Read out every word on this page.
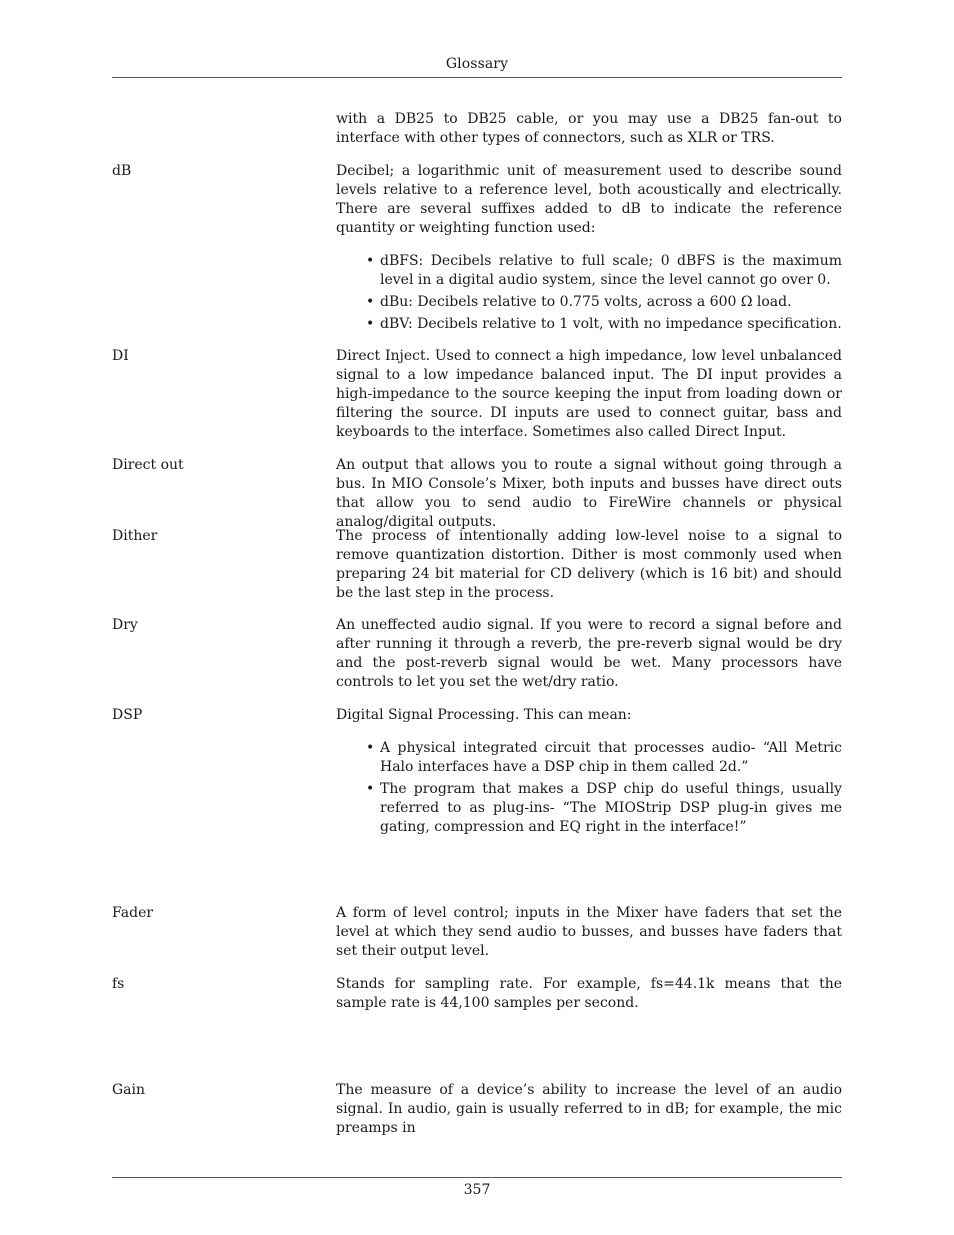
Glossary

with a DB25 to DB25 cable, or you may use a DB25 fan-out to interface with other types of connectors, such as XLR or TRS.

dB	Decibel; a logarithmic unit of measurement used to describe sound levels relative to a reference level, both acoustically and electrically. There are several suffixes added to dB to indicate the reference quantity or weighting function used:

• dBFS: Decibels relative to full scale; 0 dBFS is the maximum level in a digital audio system, since the level cannot go over 0.
• dBu: Decibels relative to 0.775 volts, across a 600 Ω load.
• dBV: Decibels relative to 1 volt, with no impedance specification.
DI	Direct Inject. Used to connect a high impedance, low level unbalanced signal to a low impedance balanced input. The DI input provides a high-impedance to the source keeping the input from loading down or filtering the source. DI inputs are used to connect guitar, bass and keyboards to the interface. Sometimes also called Direct Input.

Direct out	An output that allows you to route a signal without going through a bus. In MIO Console’s Mixer, both inputs and busses have direct outs that allow you to send audio to FireWire channels or physical analog/digital outputs.

Dither	The process of intentionally adding low-level noise to a signal to remove quantization distortion. Dither is most commonly used when preparing 24 bit material for CD delivery (which is 16 bit) and should be the last step in the process.

Dry	An uneffected audio signal. If you were to record a signal before and after running it through a reverb, the pre-reverb signal would be dry and the post-reverb signal would be wet. Many processors have controls to let you set the wet/dry ratio.

DSP	Digital Signal Processing. This can mean:

• A physical integrated circuit that processes audio- “All Metric Halo interfaces have a DSP chip in them called 2d.”
• The program that makes a DSP chip do useful things, usually referred to as plug-ins- “The MIOStrip DSP plug-in gives me gating, compression and EQ right in the interface!”
Fader	A form of level control; inputs in the Mixer have faders that set the level at which they send audio to busses, and busses have faders that set their output level.

fs	Stands for sampling rate. For example, fs=44.1k means that the sample rate is 44,100 samples per second.

Gain	The measure of a device’s ability to increase the level of an audio signal. In audio, gain is usually referred to in dB; for example, the mic preamps in

357
